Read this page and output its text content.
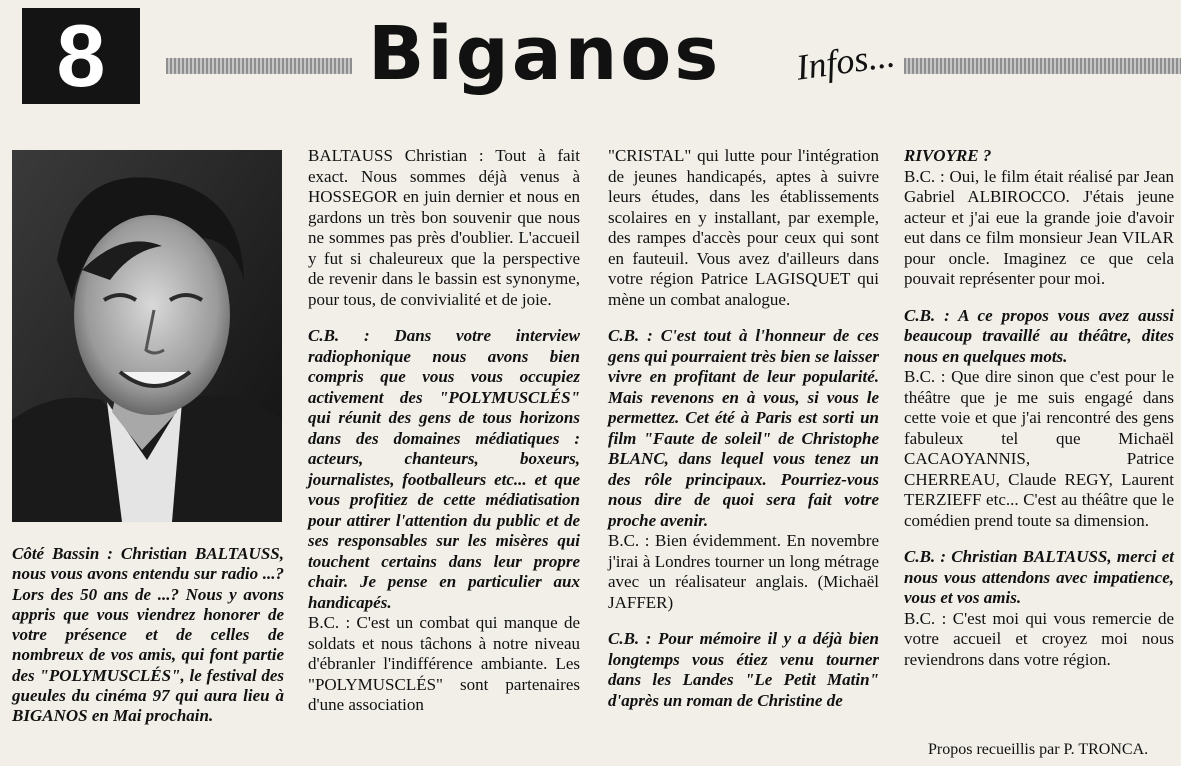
8	Biganos Infos...

Côté Bassin : Christian BALTAUSS, nous vous avons entendu sur radio ...? Lors des 50 ans de ...? Nous y avons appris que vous viendrez honorer de votre présence et de celles de nombreux de vos amis, qui font partie des "POLYMUSCLÉS", le festival des gueules du cinéma 97 qui aura lieu à BIGANOS en Mai prochain.

BALTAUSS Christian : Tout à fait exact. Nous sommes déjà venus à HOSSEGOR en juin dernier et nous en gardons un très bon souvenir que nous ne sommes pas près d'oublier. L'accueil y fut si chaleureux que la perspective de revenir dans le bassin est synonyme, pour tous, de convivialité et de joie.

C.B. : Dans votre interview radiophonique nous avons bien compris que vous vous occupiez activement des "POLYMUSCLÉS" qui réunit des gens de tous horizons dans des domaines médiatiques : acteurs, chanteurs, boxeurs, journalistes, footballeurs etc... et que vous profitiez de cette médiatisation pour attirer l'attention du public et de ses responsables sur les misères qui touchent certains dans leur propre chair. Je pense en particulier aux handicapés.

B.C. : C'est un combat qui manque de soldats et nous tâchons à notre niveau d'ébranler l'indifférence ambiante. Les "POLYMUSCLÉS" sont partenaires d'une association

"CRISTAL" qui lutte pour l'intégration de jeunes handicapés, aptes à suivre leurs études, dans les établissements scolaires en y installant, par exemple, des rampes d'accès pour ceux qui sont en fauteuil. Vous avez d'ailleurs dans votre région Patrice LAGISQUET qui mène un combat analogue.

C.B. : C'est tout à l'honneur de ces gens qui pourraient très bien se laisser vivre en profitant de leur popularité. Mais revenons en à vous, si vous le permettez. Cet été à Paris est sorti un film "Faute de soleil" de Christophe BLANC, dans lequel vous tenez un des rôle principaux. Pourriez-vous nous dire de quoi sera fait votre proche avenir.

B.C. : Bien évidemment. En novembre j'irai à Londres tourner un long métrage avec un réalisateur anglais. (Michaël JAFFER)

C.B. : Pour mémoire il y a déjà bien longtemps vous étiez venu tourner dans les Landes "Le Petit Matin" d'après un roman de Christine de

RIVOYRE ?

B.C. : Oui, le film était réalisé par Jean Gabriel ALBIROCCO. J'étais jeune acteur et j'ai eue la grande joie d'avoir eut dans ce film monsieur Jean VILAR pour oncle. Imaginez ce que cela pouvait représenter pour moi.

C.B. : A ce propos vous avez aussi beaucoup travaillé au théâtre, dites nous en quelques mots.

B.C. : Que dire sinon que c'est pour le théâtre que je me suis engagé dans cette voie et que j'ai rencontré des gens fabuleux tel que Michaël CACAOYANNIS, Patrice CHERREAU, Claude REGY, Laurent TERZIEFF etc... C'est au théâtre que le comédien prend toute sa dimension.

C.B. : Christian BALTAUSS, merci et nous vous attendons avec impatience, vous et vos amis.

B.C. : C'est moi qui vous remercie de votre accueil et croyez moi nous reviendrons dans votre région.

Propos recueillis par P. TRONCA.
